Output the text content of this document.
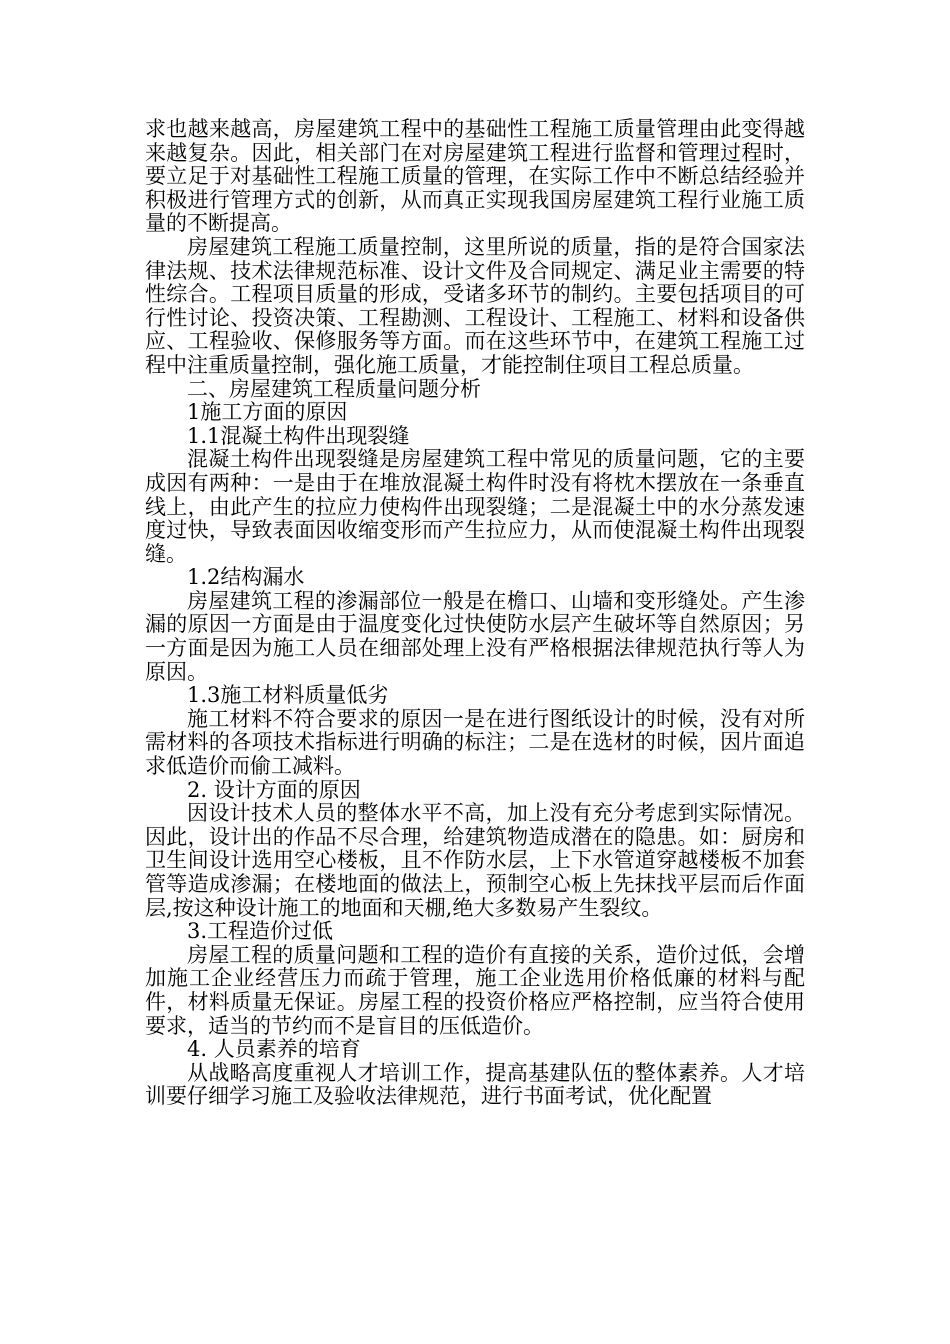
求也越来越高，房屋建筑工程中的基础性工程施工质量管理由此变得越来越复杂。因此，相关部门在对房屋建筑工程进行监督和管理过程时，要立足于对基础性工程施工质量的管理，在实际工作中不断总结经验并积极进行管理方式的创新，从而真正实现我国房屋建筑工程行业施工质量的不断提高。

房屋建筑工程施工质量控制，这里所说的质量，指的是符合国家法律法规、技术法律规范标准、设计文件及合同规定、满足业主需要的特性综合。工程项目质量的形成，受诸多环节的制约。主要包括项目的可行性讨论、投资决策、工程勘测、工程设计、工程施工、材料和设备供应、工程验收、保修服务等方面。而在这些环节中，在建筑工程施工过程中注重质量控制，强化施工质量，才能控制住项目工程总质量。

二、房屋建筑工程质量问题分析

1施工方面的原因

1.1混凝土构件出现裂缝

混凝土构件出现裂缝是房屋建筑工程中常见的质量问题，它的主要成因有两种：一是由于在堆放混凝土构件时没有将枕木摆放在一条垂直线上，由此产生的拉应力使构件出现裂缝；二是混凝土中的水分蒸发速度过快，导致表面因收缩变形而产生拉应力，从而使混凝土构件出现裂缝。

1.2结构漏水

房屋建筑工程的渗漏部位一般是在檐口、山墙和变形缝处。产生渗漏的原因一方面是由于温度变化过快使防水层产生破坏等自然原因；另一方面是因为施工人员在细部处理上没有严格根据法律规范执行等人为原因。

1.3施工材料质量低劣

施工材料不符合要求的原因一是在进行图纸设计的时候，没有对所需材料的各项技术指标进行明确的标注；二是在选材的时候，因片面追求低造价而偷工减料。

2. 设计方面的原因

因设计技术人员的整体水平不高，加上没有充分考虑到实际情况。因此，设计出的作品不尽合理，给建筑物造成潜在的隐患。如：厨房和卫生间设计选用空心楼板，且不作防水层，上下水管道穿越楼板不加套管等造成渗漏；在楼地面的做法上，预制空心板上先抹找平层而后作面层,按这种设计施工的地面和天棚,绝大多数易产生裂纹。

3.工程造价过低

房屋工程的质量问题和工程的造价有直接的关系，造价过低，会增加施工企业经营压力而疏于管理，施工企业选用价格低廉的材料与配件，材料质量无保证。房屋工程的投资价格应严格控制，应当符合使用要求，适当的节约而不是盲目的压低造价。

4. 人员素养的培育

从战略高度重视人才培训工作，提高基建队伍的整体素养。人才培训要仔细学习施工及验收法律规范，进行书面考试，优化配置
